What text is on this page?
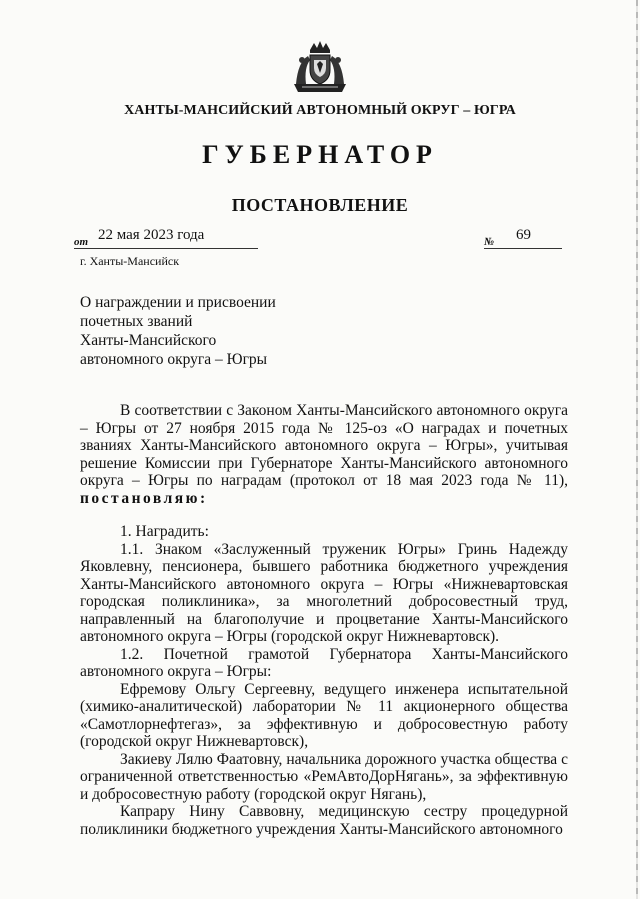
ХАНТЫ-МАНСИЙСКИЙ АВТОНОМНЫЙ ОКРУГ – ЮГРА
ГУБЕРНАТОР
ПОСТАНОВЛЕНИЕ
от 22 мая 2023 года	№ 69
г. Ханты-Мансийск
О награждении и присвоении
почетных званий
Ханты-Мансийского
автономного округа – Югры

В соответствии с Законом Ханты-Мансийского автономного округа – Югры от 27 ноября 2015 года № 125-оз «О наградах и почетных званиях Ханты-Мансийского автономного округа – Югры», учитывая решение Комиссии при Губернаторе Ханты-Мансийского автономного округа – Югры по наградам (протокол от 18 мая 2023 года № 11), постановляю:

1. Наградить:

1.1. Знаком «Заслуженный труженик Югры» Гринь Надежду Яковлевну, пенсионера, бывшего работника бюджетного учреждения Ханты-Мансийского автономного округа – Югры «Нижневартовская городская поликлиника», за многолетний добросовестный труд, направленный на благополучие и процветание Ханты-Мансийского автономного округа – Югры (городской округ Нижневартовск).

1.2. Почетной грамотой Губернатора Ханты-Мансийского автономного округа – Югры:

Ефремову Ольгу Сергеевну, ведущего инженера испытательной (химико-аналитической) лаборатории № 11 акционерного общества «Самотлорнефтегаз», за эффективную и добросовестную работу (городской округ Нижневартовск),

Закиеву Лялю Фаатовну, начальника дорожного участка общества с ограниченной ответственностью «РемАвтоДорНягань», за эффективную и добросовестную работу (городской округ Нягань),

Капрару Нину Саввовну, медицинскую сестру процедурной поликлиники бюджетного учреждения Ханты-Мансийского автономного
